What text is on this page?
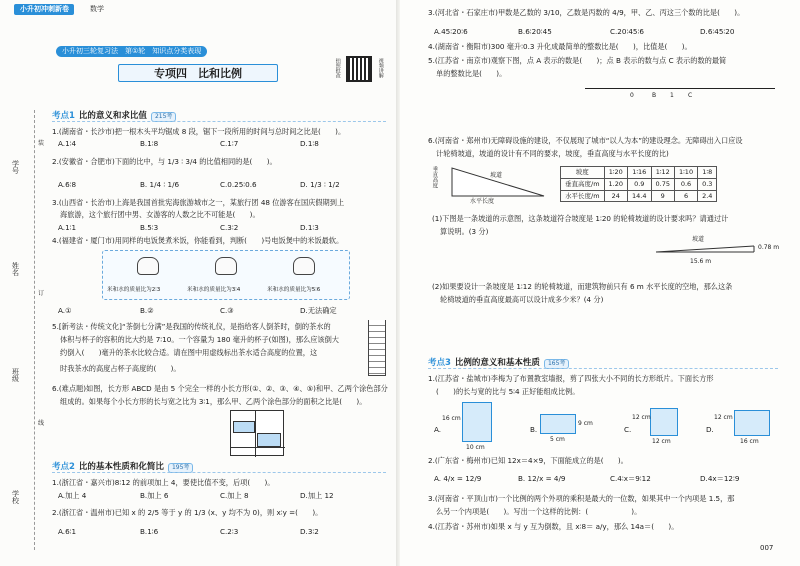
小升初冲刺新卷	数学
小升初三轮复习法　第①轮　知识点分类表现
专项四　比和比例	拍照批改	视频讲解
学号
姓名
班级
学校
装
订
线
考点1 比的意义和求比值	215考
1.(湖南省・长沙市)把一根木头平均锯成 8 段，锯下一段所用的时间与总时间之比是(　　)。
A.1∶4	B.1∶8	C.1∶7	D.1∶8
2.(安徽省・合肥市)下面的比中，与 1/3 ∶ 3/4 的比值相同的是(　　)。
A.6∶8	B. 1/4 ∶ 1/6	C.0.25∶0.6	D. 1/3 ∶ 1/2
3.(山西省・长治市)上海是我国首批宪海旅游城市之一，某旅行团 48 位游客在国庆假期到上
海旅游，这个旅行团中男、女游客的人数之比不可能是(　　)。
A.1∶1	B.5∶3	C.3∶2	D.1∶3
4.(福建省・厦门市)用同样的电饭煲煮米饭，你能看到，判断(　　)号电饭煲中的米饭最软。
米和水的质量比为2∶3	米和水的质量比为3∶4	米和水的质量比为5∶6
A.①	B.②	C.③	D.无法确定
5.[新考法・传统文化]“茶倒七分满”是我国的传统礼仪，是指给客人倒茶时，倒的茶水的
体积与杯子的容积的比大约是 7∶10。一个容量为 180 毫升的杯子(如图)，那么应该倒大
约倒入(　　)毫升的茶水比较合适。请在图中用虚线标出茶水适合高度的位置，这
时我茶水的高度占杯子高度的(　　)。
6.(难点题)如图，长方形 ABCD 是由 5 个完全一样的小长方形(①、②、③、④、⑤)和甲、乙两个涂色部分
组成的。如果每个小长方形的长与宽之比为 3∶1，那么甲、乙两个涂色部分的面积之比是(　　)。
考点2 比的基本性质和化简比	195考
1.(浙江省・嘉兴市)8∶12 的前项加上 4，要使比值不变，后项(　　)。
A.加上 4	B.加上 6	C.加上 8	D.加上 12
2.(浙江省・温州市)已知 x 的 2/5 等于 y 的 1/3 (x、y 均不为 0)，则 x∶y =(　　)。
A.6∶1	B.1∶6	C.2∶3	D.3∶2
3.(河北省・石家庄市)甲数是乙数的 3/10，乙数是丙数的 4/9，甲、乙、丙这三个数的比是(　　)。
A.45∶20∶6	B.6∶20∶45	C.20∶45∶6	D.6∶45∶20
4.(湖南省・衡阳市)300 毫升∶0.3 升化成最简单的整数比是(　　)，比值是(　　)。
5.(江苏省・南京市)观察下图，点 A 表示的数是(　　)；点 B 表示的数与点 C 表示的数的最简
单的整数比是(　　)。
0	B 1 C
6.(河南省・郑州市)无障碍设施的建设，不仅展现了城市“以人为本”的建设理念。无障碍出入口应设
计轮椅坡道，坡道的设计有不同的要求，坡度，垂直高度与水平长度的比)
垂直高度	坡道
水平长度
坡度	1∶20	1∶16	1∶12	1∶10	1∶8
垂直高度/m	1.20	0.9	0.75	0.6	0.3
水平长度/m	24	14.4	9	6	2.4
(1)下图是一条坡道的示意图，这条坡道符合坡度是 1∶20 的轮椅坡道的设计要求吗？请通过计
算说明。(3 分)
坡道
0.78 m
15.6 m
(2)如果要设计一条坡度是 1∶12 的轮椅坡道，而建筑物前只有 6 m 水平长度的空地，那么这条
轮椅坡道的垂直高度最高可以设计成多少米？(4 分)
考点3 比例的意义和基本性质	165考
1.(江苏省・盐城市)李梅为了布置教室墙报，剪了四张大小不同的长方形纸片。下面长方形
(　　)的长与宽的比与 5∶4 正好能组成比例。
A.
16 cm
10 cm
B.
9 cm
5 cm
C.
12 cm
12 cm
D.
12 cm
16 cm
2.(广东省・梅州市)已知 12x＝4×9，下面能成立的是(　　)。
A. 4/x = 12/9	B. 12/x = 4/9	C.4∶x＝9∶12	D.4x＝12∶9
3.(河南省・平顶山市)一个比例的两个外项的乘积是最大的一位数，如果其中一个内项是 1.5，那
么另一个内项是(　　)。写出一个这样的比例：(　　　　　　)。
4.(江苏省・苏州市)如果 x 与 y 互为倒数，且 x∶8＝ a/y，那么 14a＝(　　)。
007
